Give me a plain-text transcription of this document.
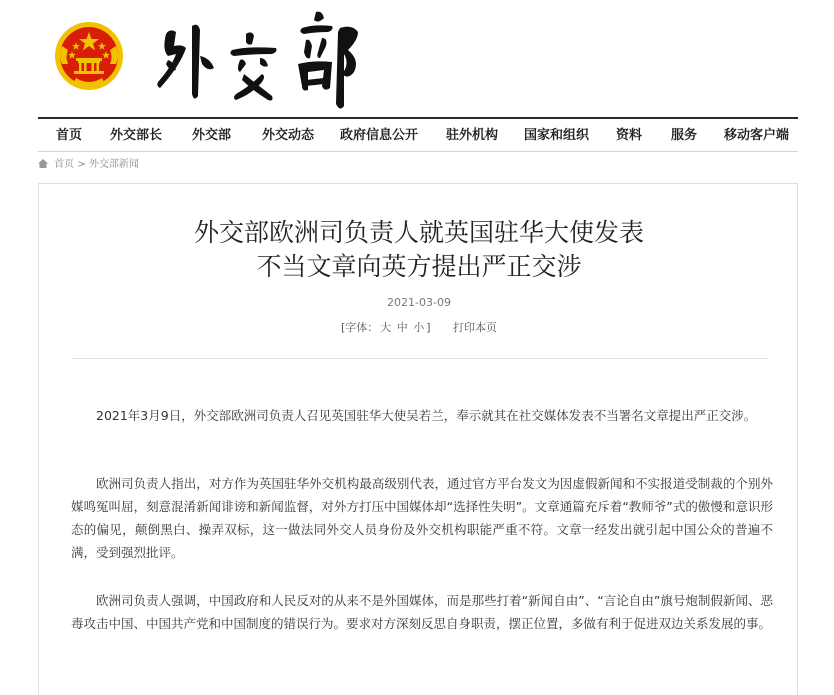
首页 外交部长 外交部 外交动态 政府信息公开 驻外机构 国家和组织 资料 服务 移动客户端
首页 > 外交部新闻
外交部欧洲司负责人就英国驻华大使发表
不当文章向英方提出严正交涉
2021-03-09
[字体： 大 中 小 ] 打印本页

2021年3月9日，外交部欧洲司负责人召见英国驻华大使吴若兰，奉示就其在社交媒体发表不当署名文章提出严正交涉。

欧洲司负责人指出，对方作为英国驻华外交机构最高级别代表，通过官方平台发文为因虚假新闻和不实报道受制裁的个别外媒鸣冤叫屈，刻意混淆新闻诽谤和新闻监督，对外方打压中国媒体却“选择性失明”。文章通篇充斥着“教师爷”式的傲慢和意识形态的偏见，颠倒黑白、操弄双标，这一做法同外交人员身份及外交机构职能严重不符。文章一经发出就引起中国公众的普遍不满，受到强烈批评。

欧洲司负责人强调，中国政府和人民反对的从来不是外国媒体，而是那些打着“新闻自由”、“言论自由”旗号炮制假新闻、恶毒攻击中国、中国共产党和中国制度的错误行为。要求对方深刻反思自身职责，摆正位置，多做有利于促进双边关系发展的事。
